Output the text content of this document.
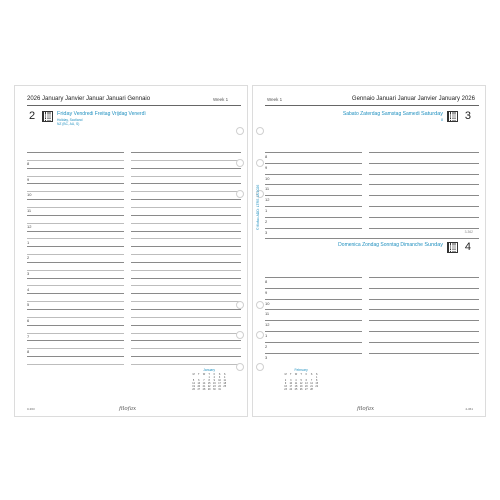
2026 January Janvier Januar Januari Gennaio	Week 1
2	Friday Vendredi Freitag Vrijdag Venerdì
Holiday, Scotland
NZ (BC, AU, S)
8
9
10
11
12
1
2
3
4
5
6
7
8
January
M	T	W	T	F	S	S
			1	2	3	4
5	6	7	8	9	10	11
12	13	14	15	16	17	18
19	20	21	22	23	24	25
26	27	28	29	30	31	
0-363	filofax
Week 1	Gennaio Januari Januar Janvier January 2026
Sabato Zaterdag Samstag Samedi Saturday
8 3
8
9
10
11
12
1
2
3
8
9
10
11
12
1
2
3
3-362
Domenica Zondag Sonntag Dimanche Sunday 4
February
M	T	W	T	F	S	S
						1
2	3	4	5	6	7	8
9	10	11	12	13	14	15
16	17	18	19	20	21	22
23	24	25	26	27	28	
filofax	4-361
© filofax ADD: LTRS 1A 2026
